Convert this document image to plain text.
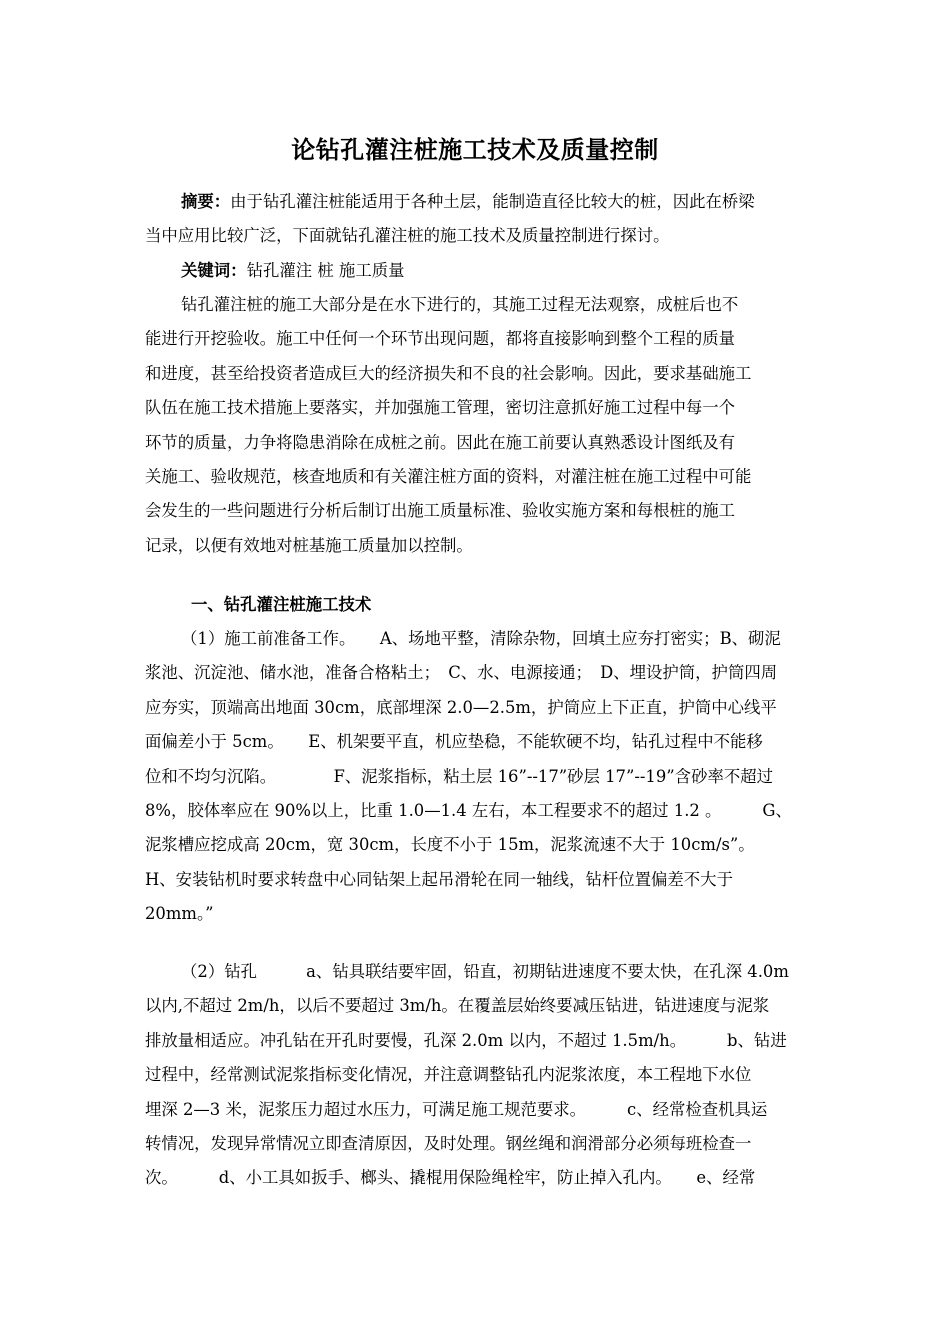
论钻孔灌注桩施工技术及质量控制
摘要：由于钻孔灌注桩能适用于各种土层，能制造直径比较大的桩，因此在桥梁
当中应用比较广泛，下面就钻孔灌注桩的施工技术及质量控制进行探讨。
关键词：钻孔灌注 桩 施工质量
钻孔灌注桩的施工大部分是在水下进行的，其施工过程无法观察，成桩后也不
能进行开挖验收。施工中任何一个环节出现问题，都将直接影响到整个工程的质量
和进度，甚至给投资者造成巨大的经济损失和不良的社会影响。因此，要求基础施工
队伍在施工技术措施上要落实，并加强施工管理，密切注意抓好施工过程中每一个
环节的质量，力争将隐患消除在成桩之前。因此在施工前要认真熟悉设计图纸及有
关施工、验收规范，核查地质和有关灌注桩方面的资料，对灌注桩在施工过程中可能
会发生的一些问题进行分析后制订出施工质量标准、验收实施方案和每根桩的施工
记录，以便有效地对桩基施工质量加以控制。
一、钻孔灌注桩施工技术
（1）施工前准备工作。　　A、场地平整，清除杂物，回填土应夯打密实；B、砌泥
浆池、沉淀池、储水池，准备合格粘土；　C、水、电源接通；　D、埋设护筒，护筒四周
应夯实，顶端高出地面 30cm，底部埋深 2.0—2.5m，护筒应上下正直，护筒中心线平
面偏差小于 5cm。　　E、机架要平直，机应垫稳，不能软硬不均，钻孔过程中不能移
位和不均匀沉陷。　　　　F、泥浆指标，粘土层 16”--17”砂层 17”--19”含砂率不超过
8%，胶体率应在 90%以上，比重 1.0—1.4 左右，本工程要求不的超过 1.2 。　　　G、
泥浆槽应挖成高 20cm，宽 30cm，长度不小于 15m，泥浆流速不大于 10cm/s”。
H、安装钻机时要求转盘中心同钻架上起吊滑轮在同一轴线，钻杆位置偏差不大于
20mm。”
（2）钻孔　　　a、钻具联结要牢固，铅直，初期钻进速度不要太快，在孔深 4.0m
以内,不超过 2m/h，以后不要超过 3m/h。在覆盖层始终要减压钻进，钻进速度与泥浆
排放量相适应。冲孔钻在开孔时要慢，孔深 2.0m 以内，不超过 1.5m/h。　　　b、钻进
过程中，经常测试泥浆指标变化情况，并注意调整钻孔内泥浆浓度，本工程地下水位
埋深 2—3 米，泥浆压力超过水压力，可满足施工规范要求。　　　c、经常检查机具运
转情况，发现异常情况立即查清原因，及时处理。钢丝绳和润滑部分必须每班检查一
次。　　　d、小工具如扳手、榔头、撬棍用保险绳栓牢，防止掉入孔内。　　e、经常
